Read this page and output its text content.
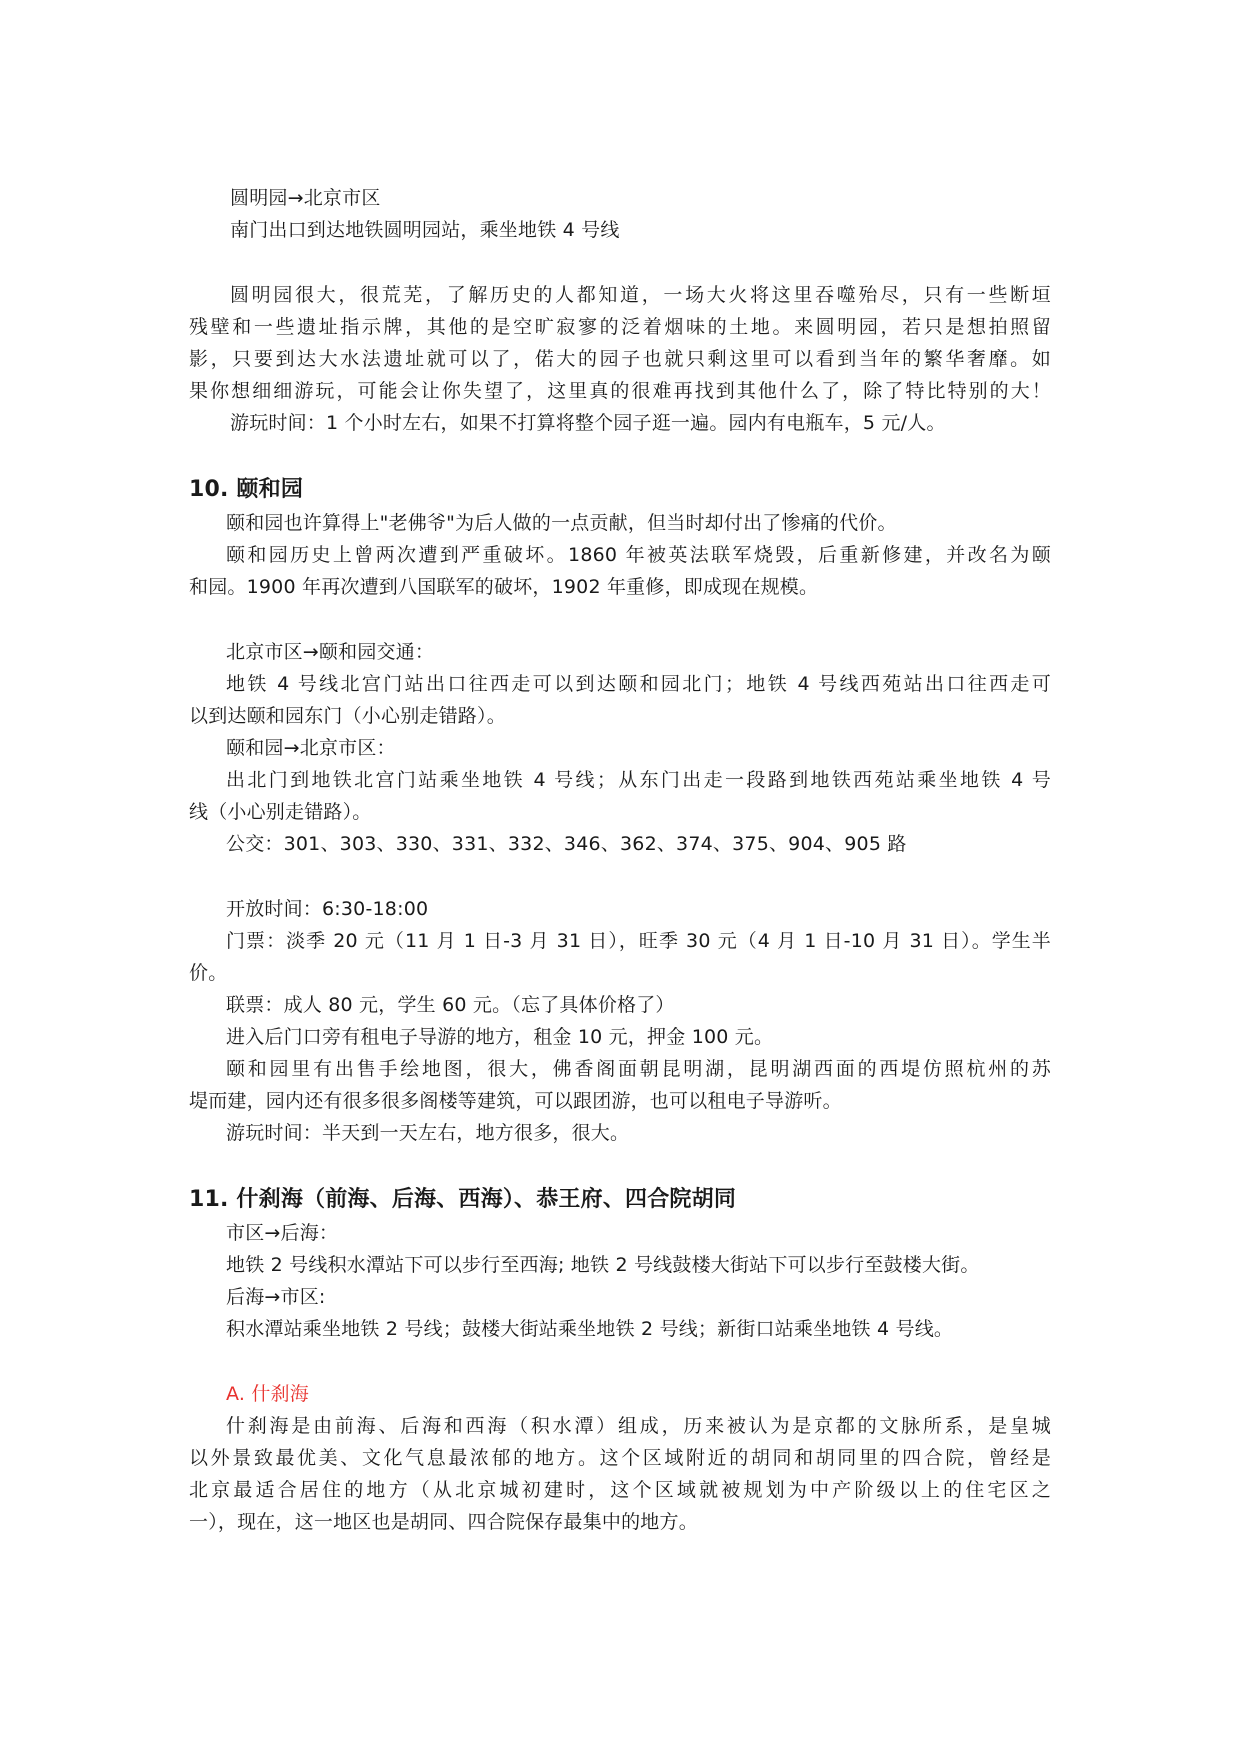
圆明园→北京市区
南门出口到达地铁圆明园站，乘坐地铁 4 号线
圆明园很大，很荒芜，了解历史的人都知道，一场大火将这里吞噬殆尽，只有一些断垣
残壁和一些遗址指示牌，其他的是空旷寂寥的泛着烟味的土地。来圆明园，若只是想拍照留
影，只要到达大水法遗址就可以了，偌大的园子也就只剩这里可以看到当年的繁华奢靡。如
果你想细细游玩，可能会让你失望了，这里真的很难再找到其他什么了，除了特比特别的大！
游玩时间：1 个小时左右，如果不打算将整个园子逛一遍。园内有电瓶车，5 元/人。
10. 颐和园
颐和园也许算得上"老佛爷"为后人做的一点贡献，但当时却付出了惨痛的代价。
颐和园历史上曾两次遭到严重破坏。1860 年被英法联军烧毁，后重新修建，并改名为颐
和园。1900 年再次遭到八国联军的破坏，1902 年重修，即成现在规模。
北京市区→颐和园交通：
地铁 4 号线北宫门站出口往西走可以到达颐和园北门；地铁 4 号线西苑站出口往西走可
以到达颐和园东门（小心别走错路）。
颐和园→北京市区：
出北门到地铁北宫门站乘坐地铁 4 号线；从东门出走一段路到地铁西苑站乘坐地铁 4 号
线（小心别走错路）。
公交：301、303、330、331、332、346、362、374、375、904、905 路
开放时间：6:30-18:00
门票：淡季 20 元（11 月 1 日-3 月 31 日），旺季 30 元（4 月 1 日-10 月 31 日）。学生半
价。
联票：成人 80 元，学生 60 元。（忘了具体价格了）
进入后门口旁有租电子导游的地方，租金 10 元，押金 100 元。
颐和园里有出售手绘地图，很大，佛香阁面朝昆明湖，昆明湖西面的西堤仿照杭州的苏
堤而建，园内还有很多很多阁楼等建筑，可以跟团游，也可以租电子导游听。
游玩时间：半天到一天左右，地方很多，很大。
11. 什刹海（前海、后海、西海）、恭王府、四合院胡同
市区→后海：
地铁 2 号线积水潭站下可以步行至西海; 地铁 2 号线鼓楼大街站下可以步行至鼓楼大街。
后海→市区:
积水潭站乘坐地铁 2 号线；鼓楼大街站乘坐地铁 2 号线；新街口站乘坐地铁 4 号线。
A. 什刹海
什刹海是由前海、后海和西海（积水潭）组成，历来被认为是京都的文脉所系，是皇城
以外景致最优美、文化气息最浓郁的地方。这个区域附近的胡同和胡同里的四合院，曾经是
北京最适合居住的地方（从北京城初建时，这个区域就被规划为中产阶级以上的住宅区之
一），现在，这一地区也是胡同、四合院保存最集中的地方。
